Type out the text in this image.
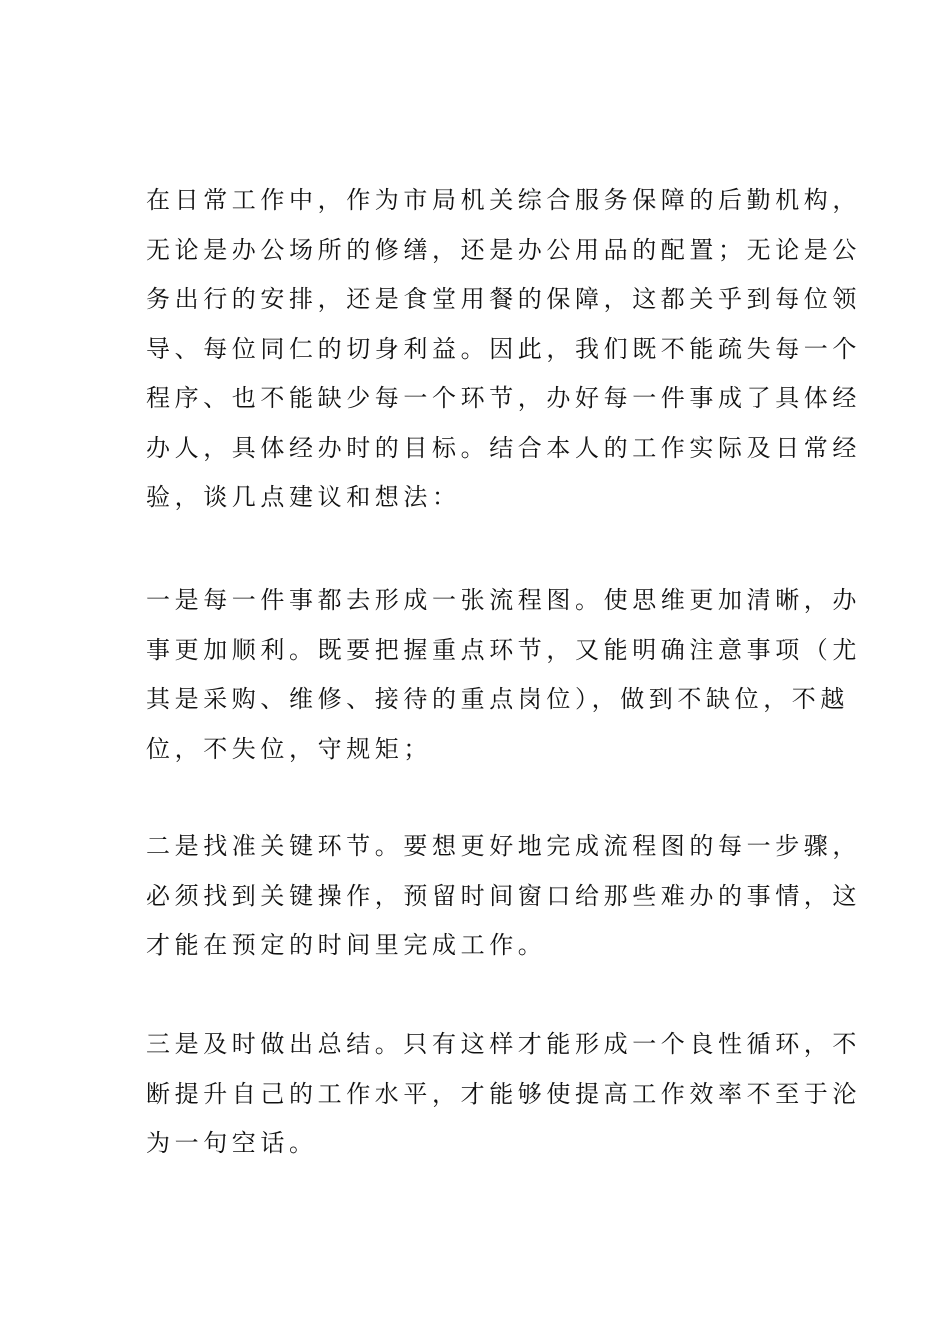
在日常工作中，作为市局机关综合服务保障的后勤机构，
无论是办公场所的修缮，还是办公用品的配置；无论是公
务出行的安排，还是食堂用餐的保障，这都关乎到每位领
导、每位同仁的切身利益。因此，我们既不能疏失每一个
程序、也不能缺少每一个环节，办好每一件事成了具体经
办人，具体经办时的目标。结合本人的工作实际及日常经
验，谈几点建议和想法：

一是每一件事都去形成一张流程图。使思维更加清晰，办
事更加顺利。既要把握重点环节，又能明确注意事项（尤
其是采购、维修、接待的重点岗位），做到不缺位，不越
位，不失位，守规矩；

二是找准关键环节。要想更好地完成流程图的每一步骤，
必须找到关键操作，预留时间窗口给那些难办的事情，这
才能在预定的时间里完成工作。

三是及时做出总结。只有这样才能形成一个良性循环，不
断提升自己的工作水平，才能够使提高工作效率不至于沦
为一句空话。
